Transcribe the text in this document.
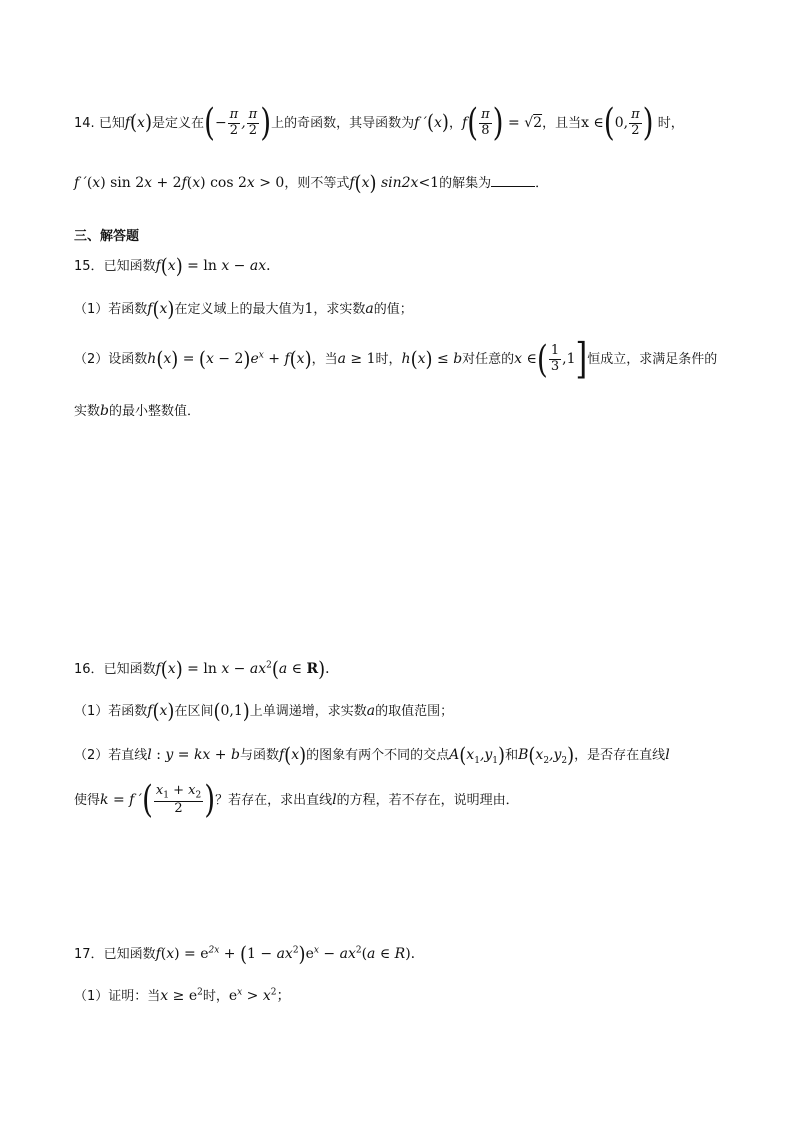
14. 已知f(x)是定义在(− $\frac{\pi}{2}$ , $\frac{\pi}{2}$ )上的奇函数，其导函数为f ′(x)，$f( \frac{\pi}{8}$ ) = √2，且当x ∈(0, $\frac{\pi}{2}$ ) 时，
f ′(x) sin 2x + 2f(x) cos 2x > 0，则不等式f(x) sin2x<1的解集为	．
三、解答题
15．已知函数f(x) = ln x − ax．
（1）若函数f(x)在定义域上的最大值为1，求实数a的值；
（2）设函数$h(x) = (x - 2)e^x + f(x)$，当a ≥ 1时，h(x) ≤ b对任意的x ∈( $\frac{1}{3} ,1$]恒成立，求满足条件的
实数b的最小整数值．
16．已知函数$f(x) = \ln x - ax^2(a$ ∈ R)．
（1）若函数f(x)在区间(0,1)上单调递增，求实数a的取值范围；
（2）若直线l : y = kx + b与函数f(x)的图象有两个不同的交点$A(x_1,y_1)$和$B(x_2,y_2)$，是否存在直线l
使得k = f ′( $\frac{x_1 + x_2}{2}$ )？若存在，求出直线l的方程，若不存在，说明理由．
17．已知函数$f(x) = e^{2x} + (1 - ax^2)e^x - ax^2(a$ ∈ R).
（1）证明：当$x \ge e^2$时，$e^x > x^2$；
